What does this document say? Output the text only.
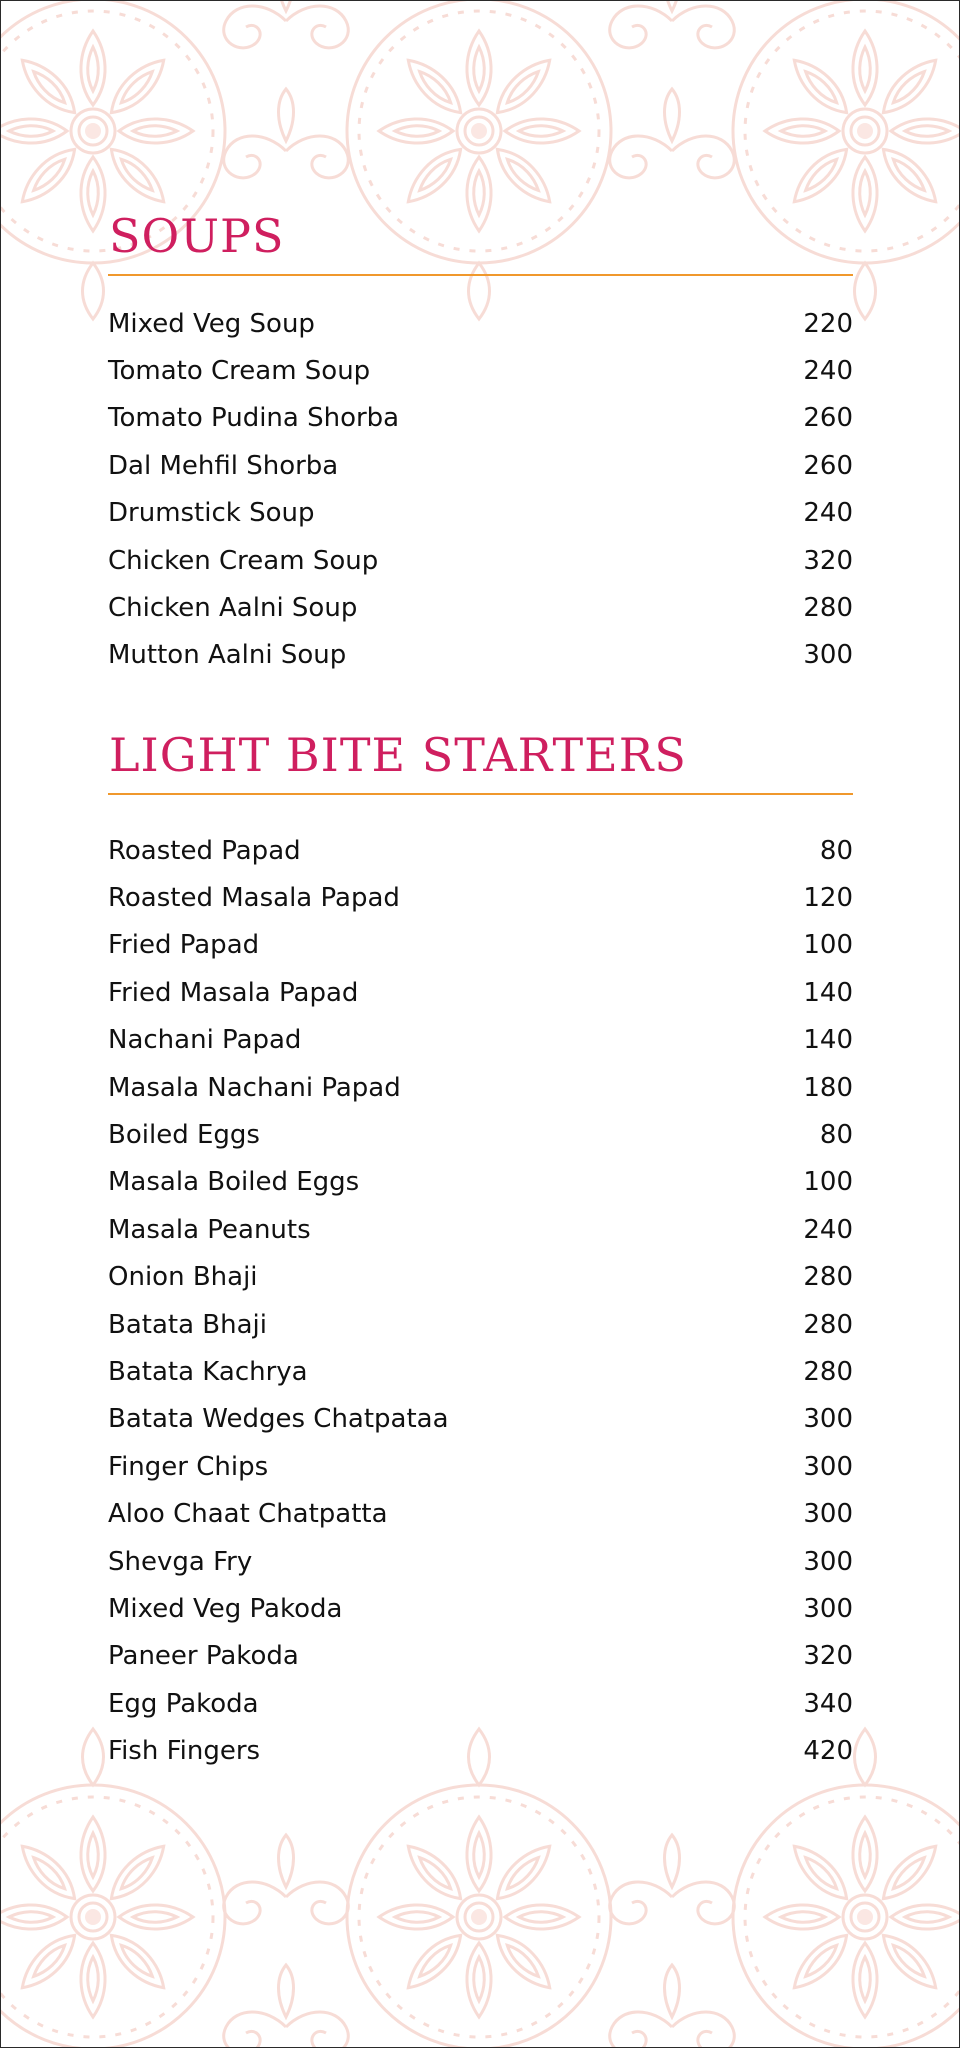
SOUPS
Mixed Veg Soup	220
Tomato Cream Soup	240
Tomato Pudina Shorba	260
Dal Mehfil Shorba	260
Drumstick Soup	240
Chicken Cream Soup	320
Chicken Aalni Soup	280
Mutton Aalni Soup	300
LIGHT BITE STARTERS
Roasted Papad	80
Roasted Masala Papad	120
Fried Papad	100
Fried Masala Papad	140
Nachani Papad	140
Masala Nachani Papad	180
Boiled Eggs	80
Masala Boiled Eggs	100
Masala Peanuts	240
Onion Bhaji	280
Batata Bhaji	280
Batata Kachrya	280
Batata Wedges Chatpataa	300
Finger Chips	300
Aloo Chaat Chatpatta	300
Shevga Fry	300
Mixed Veg Pakoda	300
Paneer Pakoda	320
Egg Pakoda	340
Fish Fingers	420
